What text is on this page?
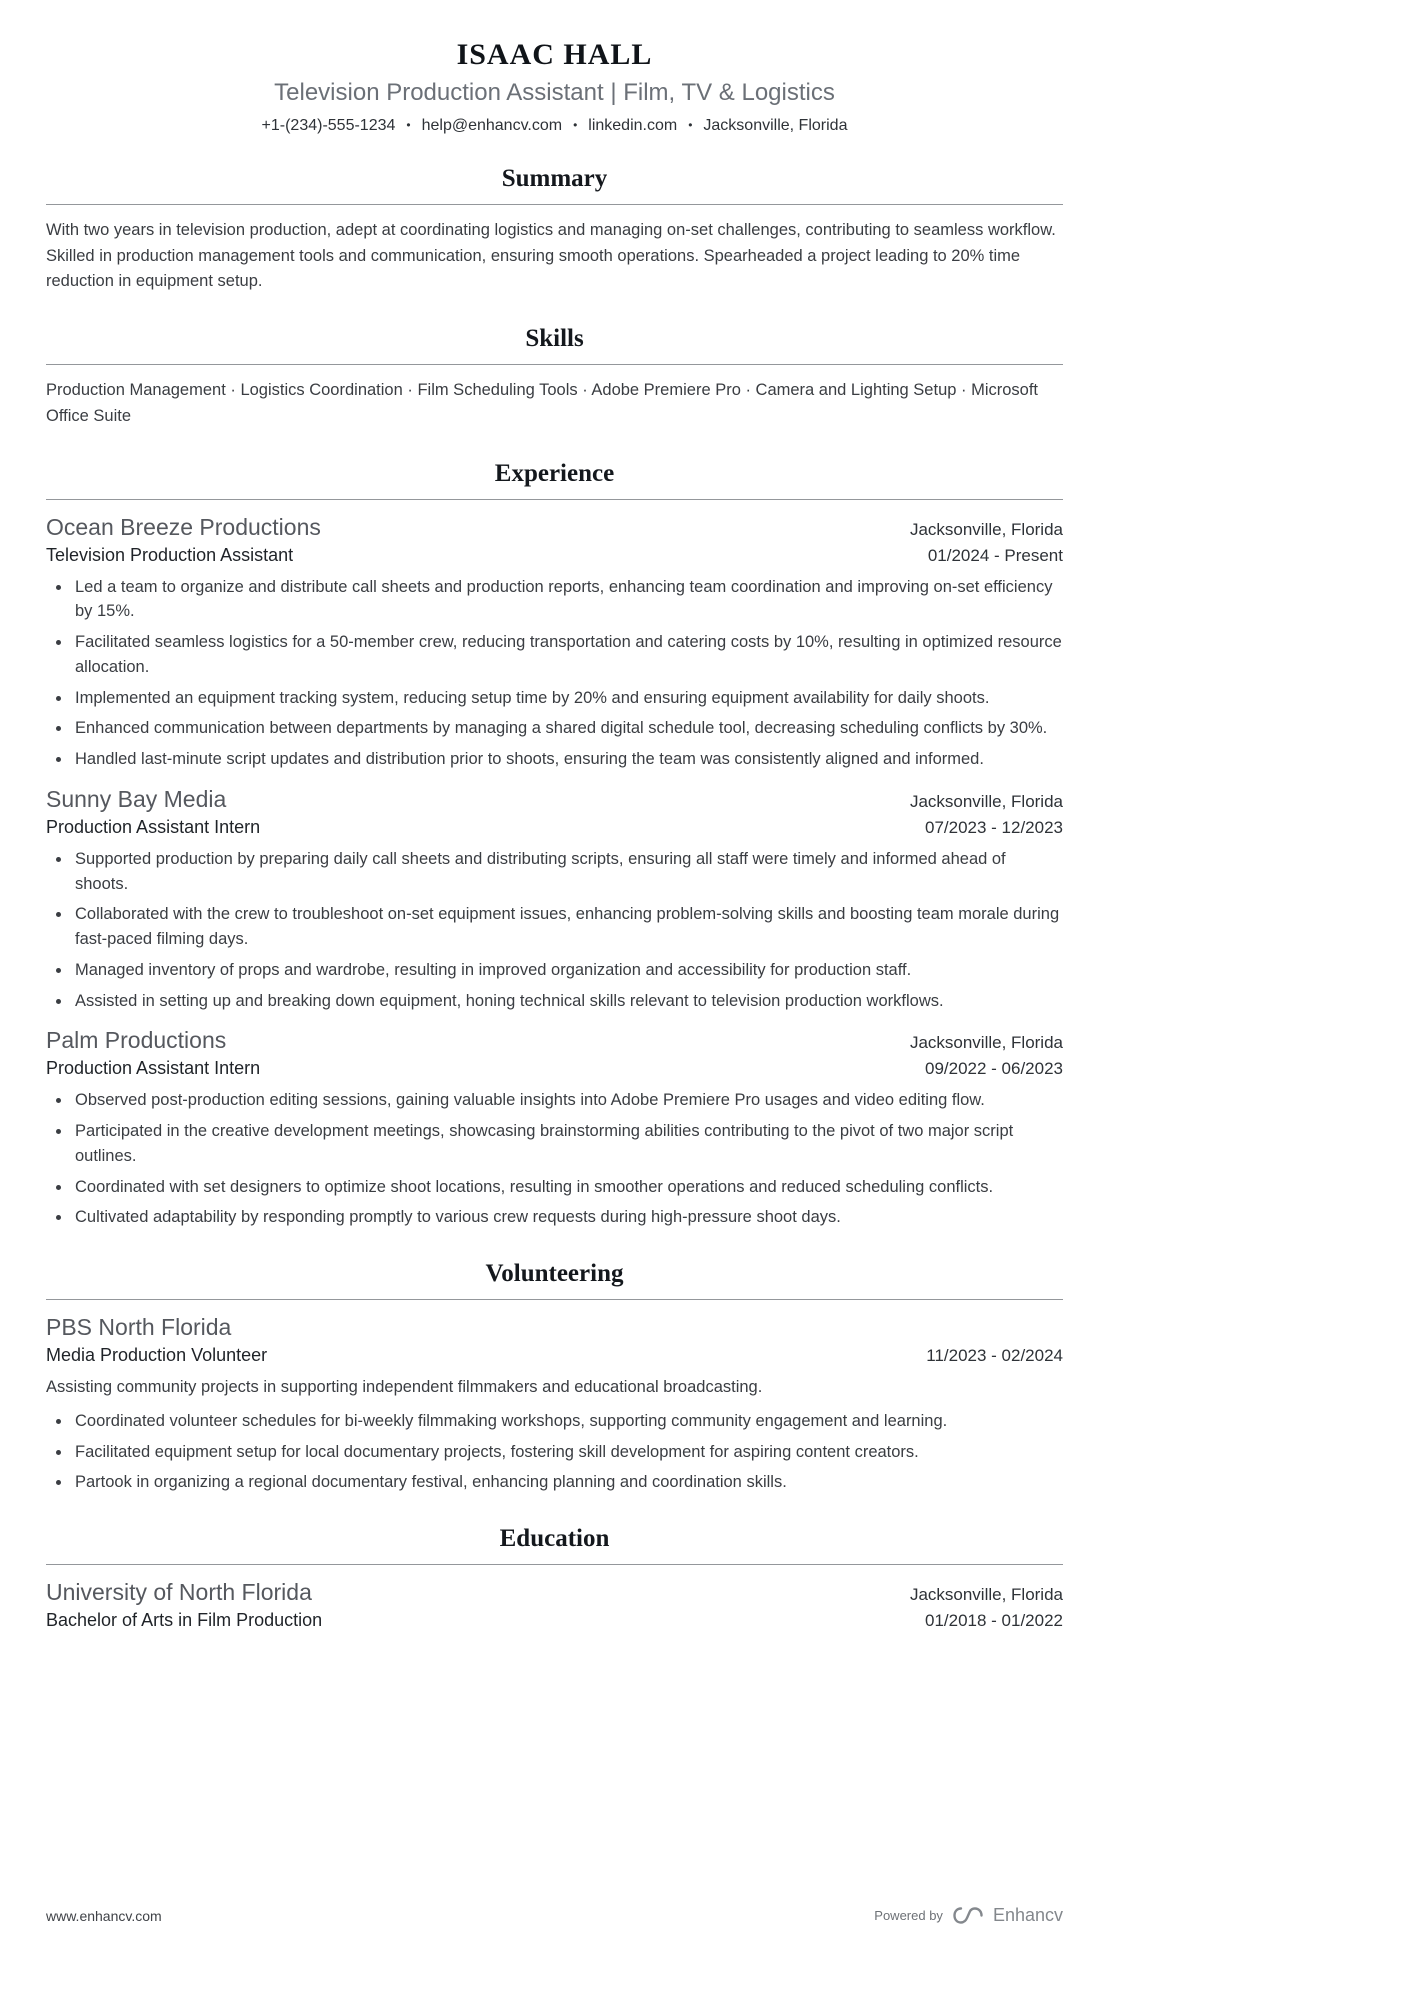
ISAAC HALL
Television Production Assistant | Film, TV & Logistics
+1-(234)-555-1234 • help@enhancv.com • linkedin.com • Jacksonville, Florida
Summary

With two years in television production, adept at coordinating logistics and managing on-set challenges, contributing to seamless workflow. Skilled in production management tools and communication, ensuring smooth operations. Spearheaded a project leading to 20% time reduction in equipment setup.

Skills

Production Management · Logistics Coordination · Film Scheduling Tools · Adobe Premiere Pro · Camera and Lighting Setup · Microsoft Office Suite

Experience
Ocean Breeze Productions	Jacksonville, Florida
Television Production Assistant	01/2024 - Present
• Led a team to organize and distribute call sheets and production reports, enhancing team coordination and improving on-set efficiency by 15%.
• Facilitated seamless logistics for a 50-member crew, reducing transportation and catering costs by 10%, resulting in optimized resource allocation.
• Implemented an equipment tracking system, reducing setup time by 20% and ensuring equipment availability for daily shoots.
• Enhanced communication between departments by managing a shared digital schedule tool, decreasing scheduling conflicts by 30%.
• Handled last-minute script updates and distribution prior to shoots, ensuring the team was consistently aligned and informed.
Sunny Bay Media	Jacksonville, Florida
Production Assistant Intern	07/2023 - 12/2023
• Supported production by preparing daily call sheets and distributing scripts, ensuring all staff were timely and informed ahead of shoots.
• Collaborated with the crew to troubleshoot on-set equipment issues, enhancing problem-solving skills and boosting team morale during fast-paced filming days.
• Managed inventory of props and wardrobe, resulting in improved organization and accessibility for production staff.
• Assisted in setting up and breaking down equipment, honing technical skills relevant to television production workflows.
Palm Productions	Jacksonville, Florida
Production Assistant Intern	09/2022 - 06/2023
• Observed post-production editing sessions, gaining valuable insights into Adobe Premiere Pro usages and video editing flow.
• Participated in the creative development meetings, showcasing brainstorming abilities contributing to the pivot of two major script outlines.
• Coordinated with set designers to optimize shoot locations, resulting in smoother operations and reduced scheduling conflicts.
• Cultivated adaptability by responding promptly to various crew requests during high-pressure shoot days.
Volunteering
PBS North Florida
Media Production Volunteer	11/2023 - 02/2024
Assisting community projects in supporting independent filmmakers and educational broadcasting.
• Coordinated volunteer schedules for bi-weekly filmmaking workshops, supporting community engagement and learning.
• Facilitated equipment setup for local documentary projects, fostering skill development for aspiring content creators.
• Partook in organizing a regional documentary festival, enhancing planning and coordination skills.
Education
University of North Florida	Jacksonville, Florida
Bachelor of Arts in Film Production	01/2018 - 01/2022
www.enhancv.com	Powered by	Enhancv
